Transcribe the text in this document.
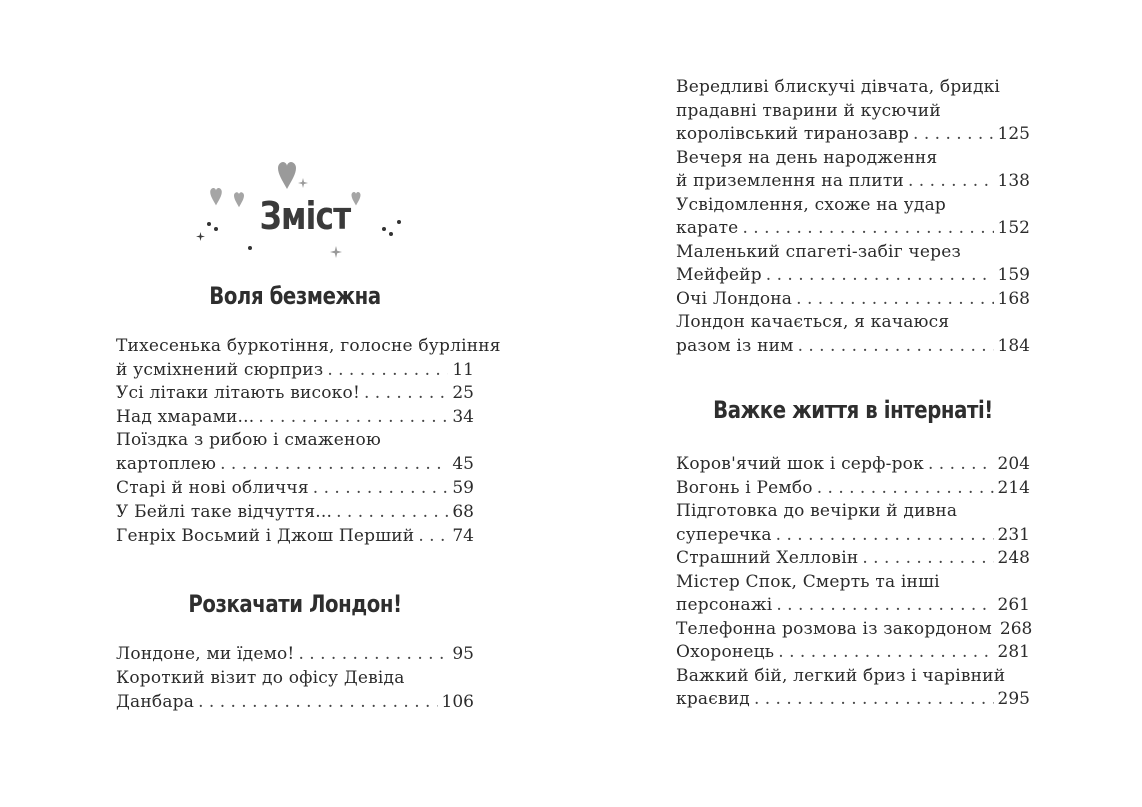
Зміст
Воля безмежна
Тихесенька буркотіння, голосне бурління
й усміхнений сюрприз . . .	11
Усі літаки літають високо! . . .	25
Над хмарами... . . .	34
Поїздка з рибою і смаженою
картоплею . . .	45
Старі й нові обличчя . . .	59
У Бейлі таке відчуття... . . .	68
Генріх Восьмий і Джош Перший . . . 74
Розкачати Лондон!
Лондоне, ми їдемо! . . .	95
Короткий візит до офісу Девіда
Данбара . . .	106
Вередливі блискучі дівчата, бридкі
прадавні тварини й кусючий
королівський тиранозавр . . .	125
Вечеря на день народження
й приземлення на плити . . .	138
Усвідомлення, схоже на удар
карате . . .	152
Маленький спагеті-забіг через
Мейфейр . . .	159
Очі Лондона . . .	168
Лондон качається, я качаюся
разом із ним . . .	184
Важке життя в інтернаті!
Коров'ячий шок і серф-рок . . .	204
Вогонь і Рембо . . .	214
Підготовка до вечірки й дивна
суперечка . . .	231
Страшний Хелловін . . .	248
Містер Спок, Смерть та інші
персонажі . . .	261
Телефонна розмова із закордоном 268
Охоронець . . .	281
Важкий бій, легкий бриз і чарівний
краєвид . . .	295
